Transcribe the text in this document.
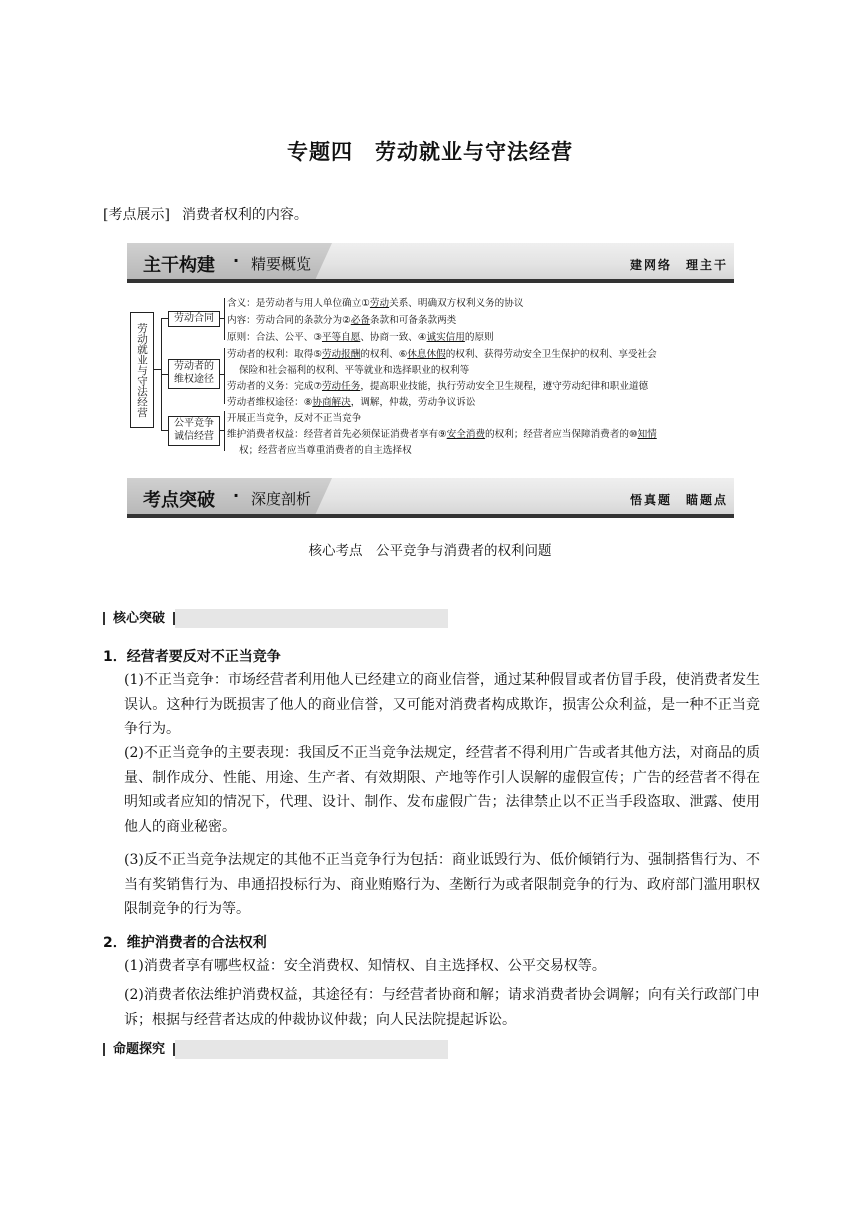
专题四　劳动就业与守法经营
[考点展示] 消费者权利的内容。
主干构建 · 精要概览	建网络　理主干
劳动就业与守法经营
劳动合同
劳动者的
维权途径
公平竞争
诚信经营
含义：是劳动者与用人单位确立①劳动关系、明确双方权利义务的协议
内容：劳动合同的条款分为②必备条款和可备条款两类
原则：合法、公平、③平等自愿、协商一致、④诚实信用的原则
劳动者的权利：取得⑤劳动报酬的权利、⑥休息休假的权利、获得劳动安全卫生保护的权利、享受社会
保险和社会福利的权利、平等就业和选择职业的权利等
劳动者的义务：完成⑦劳动任务，提高职业技能，执行劳动安全卫生规程，遵守劳动纪律和职业道德
劳动者维权途径：⑧协商解决，调解，仲裁，劳动争议诉讼
开展正当竞争，反对不正当竞争
维护消费者权益：经营者首先必须保证消费者享有⑨安全消费的权利；经营者应当保障消费者的⑩知情
权；经营者应当尊重消费者的自主选择权
考点突破 · 深度剖析	悟真题　瞄题点
核心考点　公平竞争与消费者的权利问题
核心突破
1．经营者要反对不正当竞争
(1)不正当竞争：市场经营者利用他人已经建立的商业信誉，通过某种假冒或者仿冒手段，使消费者发生误认。这种行为既损害了他人的商业信誉，又可能对消费者构成欺诈，损害公众利益，是一种不正当竞争行为。
(2)不正当竞争的主要表现：我国反不正当竞争法规定，经营者不得利用广告或者其他方法，对商品的质量、制作成分、性能、用途、生产者、有效期限、产地等作引人误解的虚假宣传；广告的经营者不得在明知或者应知的情况下，代理、设计、制作、发布虚假广告；法律禁止以不正当手段盗取、泄露、使用他人的商业秘密。
(3)反不正当竞争法规定的其他不正当竞争行为包括：商业诋毁行为、低价倾销行为、强制搭售行为、不当有奖销售行为、串通招投标行为、商业贿赂行为、垄断行为或者限制竞争的行为、政府部门滥用职权限制竞争的行为等。
2．维护消费者的合法权利
(1)消费者享有哪些权益：安全消费权、知情权、自主选择权、公平交易权等。
(2)消费者依法维护消费权益，其途径有：与经营者协商和解；请求消费者协会调解；向有关行政部门申诉；根据与经营者达成的仲裁协议仲裁；向人民法院提起诉讼。
命题探究
